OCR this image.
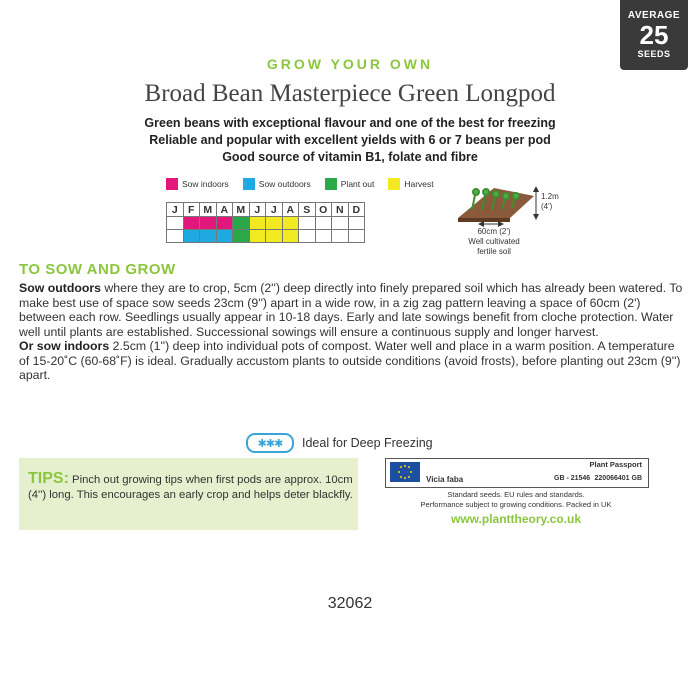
AVERAGE
25
SEEDS
GROW YOUR OWN
Broad Bean Masterpiece Green Longpod
Green beans with exceptional flavour and one of the best for freezing
Reliable and popular with excellent yields with 6 or 7 beans per pod
Good source of vitamin B1, folate and fibre
Sow indoors	Sow outdoors	Plant out	Harvest
J	F	M	A	M	J	J	A	S	O	N	D

1.2m
(4')
60cm (2')
Well cultivated
fertile soil
TO SOW AND GROW

Sow outdoors where they are to crop, 5cm (2'') deep directly into finely prepared soil which has already been watered. To make best use of space sow seeds 23cm (9'') apart in a wide row, in a zig zag pattern leaving a space of 60cm (2') between each row. Seedlings usually appear in 10-18 days. Early and late sowings benefit from cloche protection. Water well until plants are established. Successional sowings will ensure a continuous supply and longer harvest.

Or sow indoors 2.5cm (1'') deep into individual pots of compost. Water well and place in a warm position. A temperature of 15-20˚C (60-68˚F) is ideal. Gradually accustom plants to outside conditions (avoid frosts), before planting out 23cm (9'') apart.

✱✱✱	Ideal for Deep Freezing
TIPS: Pinch out growing tips when first pods are approx. 10cm (4'') long. This encourages an early crop and helps deter blackfly.
Plant Passport
Vicia faba	GB - 21546 220066401 GB
Standard seeds. EU rules and standards.
Performance subject to growing conditions. Packed in UK
www.planttheory.co.uk
32062
